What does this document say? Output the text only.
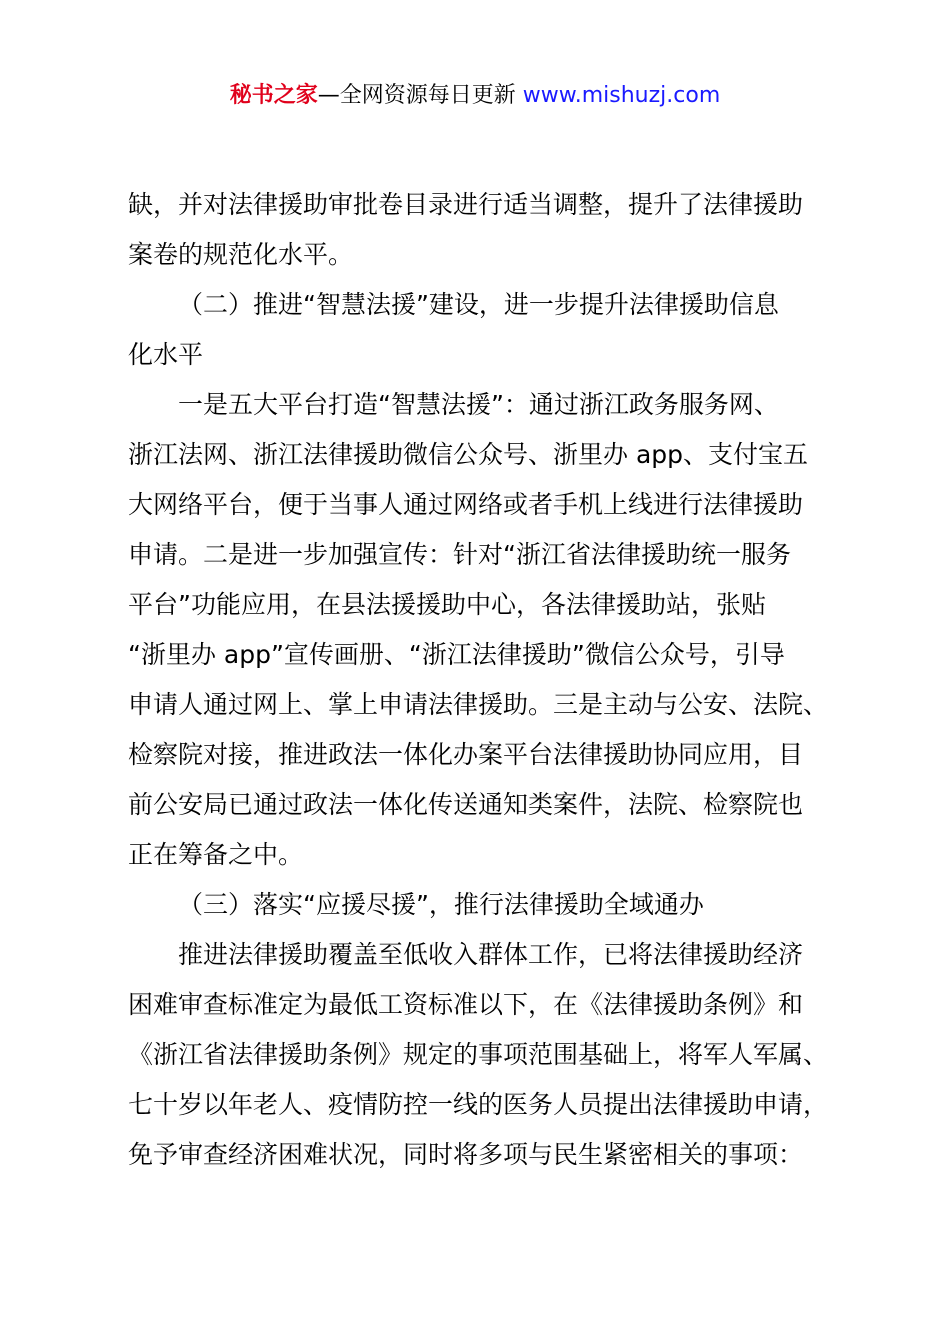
秘书之家—全网资源每日更新 www.mishuzj.com
缺，并对法律援助审批卷目录进行适当调整，提升了法律援助
案卷的规范化水平。
（二）推进“智慧法援”建设，进一步提升法律援助信息
化水平
一是五大平台打造“智慧法援”：通过浙江政务服务网、
浙江法网、浙江法律援助微信公众号、浙里办 app、支付宝五
大网络平台，便于当事人通过网络或者手机上线进行法律援助
申请。二是进一步加强宣传：针对“浙江省法律援助统一服务
平台”功能应用，在县法援援助中心，各法律援助站，张贴
“浙里办 app”宣传画册、“浙江法律援助”微信公众号，引导
申请人通过网上、掌上申请法律援助。三是主动与公安、法院、
检察院对接，推进政法一体化办案平台法律援助协同应用，目
前公安局已通过政法一体化传送通知类案件，法院、检察院也
正在筹备之中。
（三）落实“应援尽援”，推行法律援助全域通办
推进法律援助覆盖至低收入群体工作，已将法律援助经济
困难审查标准定为最低工资标准以下，在《法律援助条例》和
《浙江省法律援助条例》规定的事项范围基础上，将军人军属、
七十岁以年老人、疫情防控一线的医务人员提出法律援助申请，
免予审查经济困难状况，同时将多项与民生紧密相关的事项：
